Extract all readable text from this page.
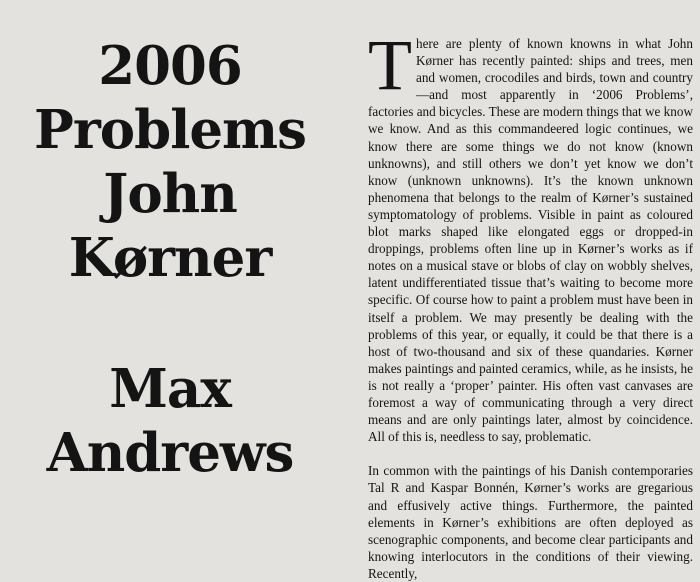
2006
Problems
John
Kørner
Max
Andrews

There are plenty of known knowns in what John Kørner has recently painted: ships and trees, men and women, crocodiles and birds, town and country—and most apparently in ‘2006 Problems’, factories and bicycles. These are modern things that we know we know. And as this commandeered logic continues, we know there are some things we do not know (known unknowns), and still others we don’t yet know we don’t know (unknown unknowns). It’s the known unknown phenomena that belongs to the realm of Kørner’s sustained symptomatology of problems. Visible in paint as coloured blot marks shaped like elongated eggs or dropped-in droppings, problems often line up in Kørner’s works as if notes on a musical stave or blobs of clay on wobbly shelves, latent undifferentiated tissue that’s waiting to become more specific. Of course how to paint a problem must have been in itself a problem. We may presently be dealing with the problems of this year, or equally, it could be that there is a host of two-thousand and six of these quandaries. Kørner makes paintings and painted ceramics, while, as he insists, he is not really a ‘proper’ painter. His often vast canvases are foremost a way of communicating through a very direct means and are only paintings later, almost by coincidence. All of this is, needless to say, problematic.

In common with the paintings of his Danish contemporaries Tal R and Kaspar Bonnén, Kørner’s works are gregarious and effusively active things. Furthermore, the painted elements in Kørner’s exhibitions are often deployed as scenographic components, and become clear participants and knowing interlocutors in the conditions of their viewing. Recently,
